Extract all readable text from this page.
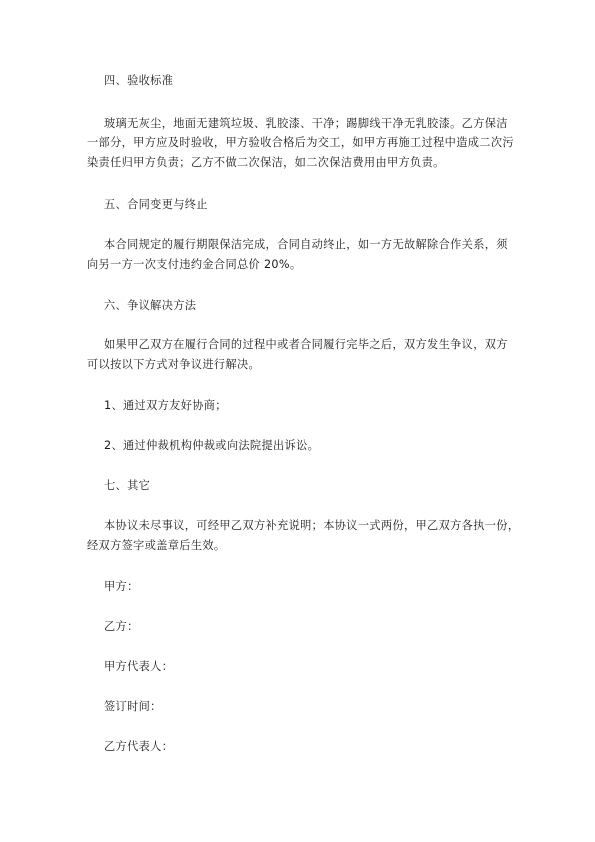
四、验收标准
玻璃无灰尘，地面无建筑垃圾、乳胶漆、干净；踢脚线干净无乳胶漆。乙方保洁
一部分，甲方应及时验收，甲方验收合格后为交工，如甲方再施工过程中造成二次污
染责任归甲方负责；乙方不做二次保洁，如二次保洁费用由甲方负责。
五、合同变更与终止
本合同规定的履行期限保洁完成，合同自动终止，如一方无故解除合作关系，须
向另一方一次支付违约金合同总价 20%。
六、争议解决方法
如果甲乙双方在履行合同的过程中或者合同履行完毕之后，双方发生争议，双方
可以按以下方式对争议进行解决。
1、通过双方友好协商；
2、通过仲裁机构仲裁或向法院提出诉讼。
七、其它
本协议未尽事议，可经甲乙双方补充说明；本协议一式两份，甲乙双方各执一份，
经双方签字或盖章后生效。
甲方：
乙方：
甲方代表人：
签订时间：
乙方代表人：
